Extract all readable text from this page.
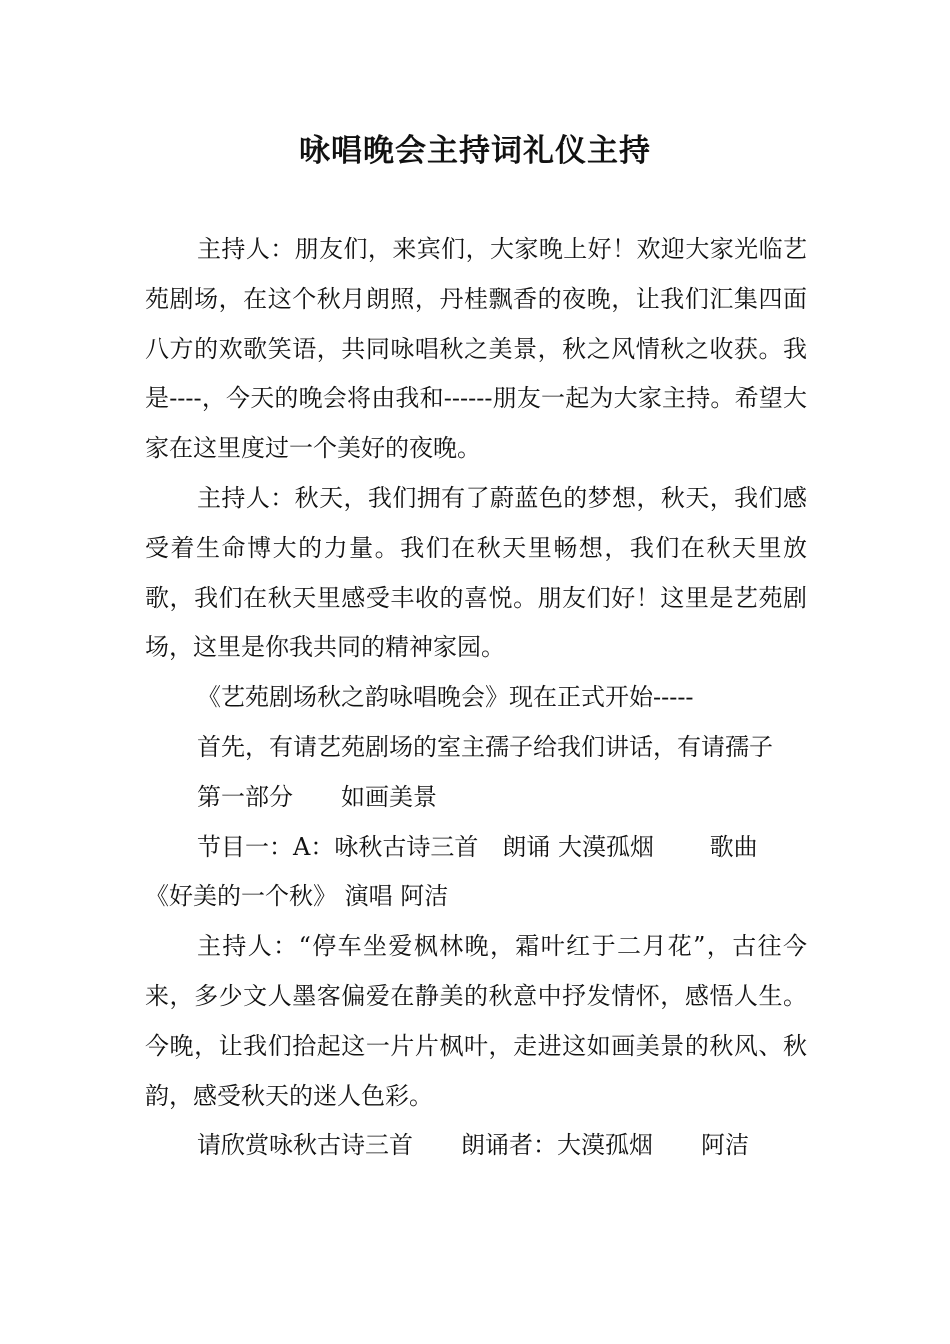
咏唱晚会主持词礼仪主持

主持人：朋友们，来宾们，大家晚上好！欢迎大家光临艺苑剧场，在这个秋月朗照，丹桂飘香的夜晚，让我们汇集四面八方的欢歌笑语，共同咏唱秋之美景，秋之风情秋之收获。我是----，今天的晚会将由我和------朋友一起为大家主持。希望大家在这里度过一个美好的夜晚。

主持人：秋天，我们拥有了蔚蓝色的梦想，秋天，我们感受着生命博大的力量。我们在秋天里畅想，我们在秋天里放歌，我们在秋天里感受丰收的喜悦。朋友们好！这里是艺苑剧场，这里是你我共同的精神家园。

《艺苑剧场秋之韵咏唱晚会》现在正式开始-----

首先，有请艺苑剧场的室主孺子给我们讲话，有请孺子

第一部分　　如画美景

节目一：A：咏秋古诗三首　朗诵 大漠孤烟　　 歌曲

《好美的一个秋》 演唱 阿洁

主持人：“停车坐爱枫林晚，霜叶红于二月花”，古往今来，多少文人墨客偏爱在静美的秋意中抒发情怀，感悟人生。今晚，让我们拾起这一片片枫叶，走进这如画美景的秋风、秋韵，感受秋天的迷人色彩。

请欣赏咏秋古诗三首　　朗诵者：大漠孤烟　　阿洁
